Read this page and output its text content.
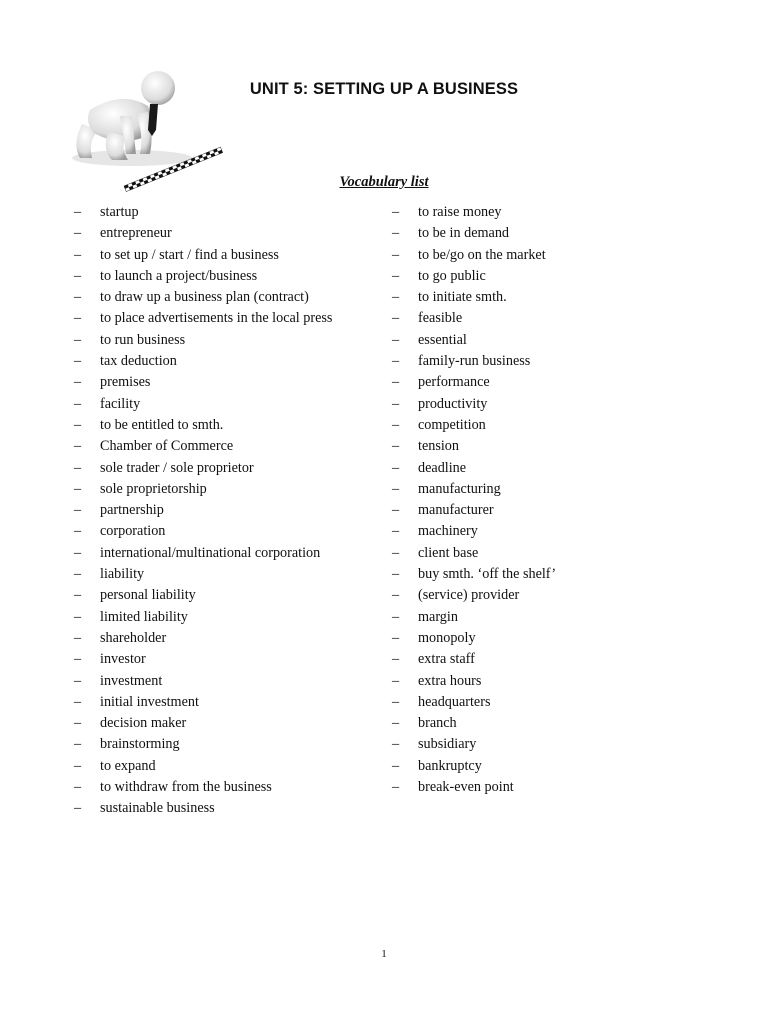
UNIT 5: SETTING UP A BUSINESS
Vocabulary list
– startup
– entrepreneur
– to set up / start / find a business
– to launch a project/business
– to draw up a business plan (contract)
– to place advertisements in the local press
– to run business
– tax deduction
– premises
– facility
– to be entitled to smth.
– Chamber of Commerce
– sole trader / sole proprietor
– sole proprietorship
– partnership
– corporation
– international/multinational corporation
– liability
– personal liability
– limited liability
– shareholder
– investor
– investment
– initial investment
– decision maker
– brainstorming
– to expand
– to withdraw from the business
– sustainable business
– to raise money
– to be in demand
– to be/go on the market
– to go public
– to initiate smth.
– feasible
– essential
– family-run business
– performance
– productivity
– competition
– tension
– deadline
– manufacturing
– manufacturer
– machinery
– client base
– buy smth. ‘off the shelf’
– (service) provider
– margin
– monopoly
– extra staff
– extra hours
– headquarters
– branch
– subsidiary
– bankruptcy
– break-even point
1
